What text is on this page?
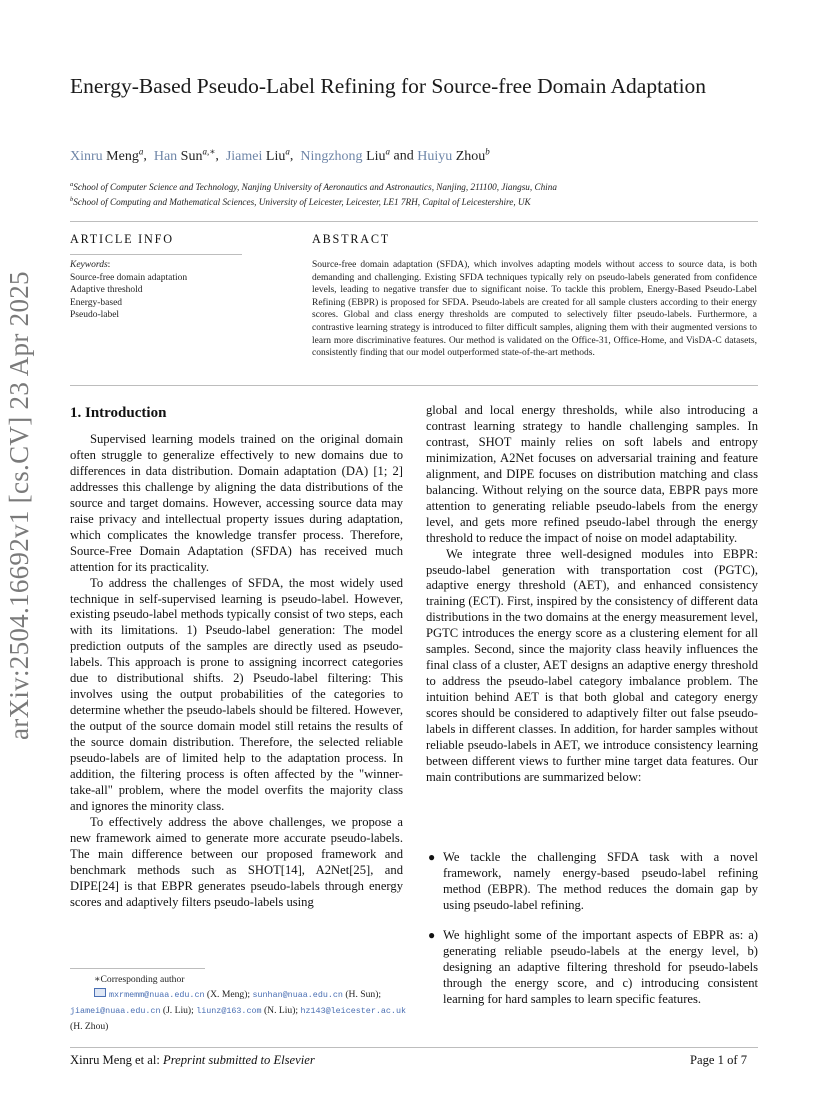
arXiv:2504.16692v1 [cs.CV] 23 Apr 2025
Energy-Based Pseudo-Label Refining for Source-free Domain Adaptation
Xinru Meng$^a$,  Han Sun$^{a,∗}$,  Jiamei Liu$^a$,  Ningzhong Liu$^a$ and Huiyu Zhou$^b$
$^a$School of Computer Science and Technology, Nanjing University of Aeronautics and Astronautics, Nanjing, 211100, Jiangsu, China
$^b$School of Computing and Mathematical Sciences, University of Leicester, Leicester, LE1 7RH, Capital of Leicestershire, UK
ARTICLE INFO
Keywords:
Source-free domain adaptation
Adaptive threshold
Energy-based
Pseudo-label
ABSTRACT
Source-free domain adaptation (SFDA), which involves adapting models without access to source data, is both demanding and challenging. Existing SFDA techniques typically rely on pseudo-labels generated from confidence levels, leading to negative transfer due to significant noise. To tackle this problem, Energy-Based Pseudo-Label Refining (EBPR) is proposed for SFDA. Pseudo-labels are created for all sample clusters according to their energy scores. Global and class energy thresholds are computed to selectively filter pseudo-labels. Furthermore, a contrastive learning strategy is introduced to filter difficult samples, aligning them with their augmented versions to learn more discriminative features. Our method is validated on the Office-31, Office-Home, and VisDA-C datasets, consistently finding that our model outperformed state-of-the-art methods.
1. Introduction

Supervised learning models trained on the original domain often struggle to generalize effectively to new domains due to differences in data distribution. Domain adaptation (DA) [1; 2] addresses this challenge by aligning the data distributions of the source and target domains. However, accessing source data may raise privacy and intellectual property issues during adaptation, which complicates the knowledge transfer process. Therefore, Source-Free Domain Adaptation (SFDA) has received much attention for its practicality.

To address the challenges of SFDA, the most widely used technique in self-supervised learning is pseudo-label. However, existing pseudo-label methods typically consist of two steps, each with its limitations. 1) Pseudo-label generation: The model prediction outputs of the samples are directly used as pseudo-labels. This approach is prone to assigning incorrect categories due to distributional shifts. 2) Pseudo-label filtering: This involves using the output probabilities of the categories to determine whether the pseudo-labels should be filtered. However, the output of the source domain model still retains the results of the source domain distribution. Therefore, the selected reliable pseudo-labels are of limited help to the adaptation process. In addition, the filtering process is often affected by the "winner-take-all" problem, where the model overfits the majority class and ignores the minority class.

To effectively address the above challenges, we propose a new framework aimed to generate more accurate pseudo-labels. The main difference between our proposed framework and benchmark methods such as SHOT[14], A2Net[25], and DIPE[24] is that EBPR generates pseudo-labels through energy scores and adaptively filters pseudo-labels using

global and local energy thresholds, while also introducing a contrast learning strategy to handle challenging samples. In contrast, SHOT mainly relies on soft labels and entropy minimization, A2Net focuses on adversarial training and feature alignment, and DIPE focuses on distribution matching and class balancing. Without relying on the source data, EBPR pays more attention to generating reliable pseudo-labels from the energy level, and gets more refined pseudo-label through the energy threshold to reduce the impact of noise on model adaptability.

We integrate three well-designed modules into EBPR: pseudo-label generation with transportation cost (PGTC), adaptive energy threshold (AET), and enhanced consistency training (ECT). First, inspired by the consistency of different data distributions in the two domains at the energy measurement level, PGTC introduces the energy score as a clustering element for all samples. Second, since the majority class heavily influences the final class of a cluster, AET designs an adaptive energy threshold to address the pseudo-label category imbalance problem. The intuition behind AET is that both global and category energy scores should be considered to adaptively filter out false pseudo-labels in different classes. In addition, for harder samples without reliable pseudo-labels in AET, we introduce consistency learning between different views to further mine target data features. Our main contributions are summarized below:

● We tackle the challenging SFDA task with a novel framework, namely energy-based pseudo-label refining method (EBPR). The method reduces the domain gap by using pseudo-label refining.
● We highlight some of the important aspects of EBPR as: a) generating reliable pseudo-labels at the energy level, b) designing an adaptive filtering threshold for pseudo-labels through the energy score, and c) introducing consistent learning for hard samples to learn specific features.
∗Corresponding author
mxrmemm@nuaa.edu.cn (X. Meng); sunhan@nuaa.edu.cn (H. Sun);
jiamei@nuaa.edu.cn (J. Liu); liunz@163.com (N. Liu); hz143@leicester.ac.uk
(H. Zhou)
Xinru Meng et al: Preprint submitted to Elsevier	Page 1 of 7
